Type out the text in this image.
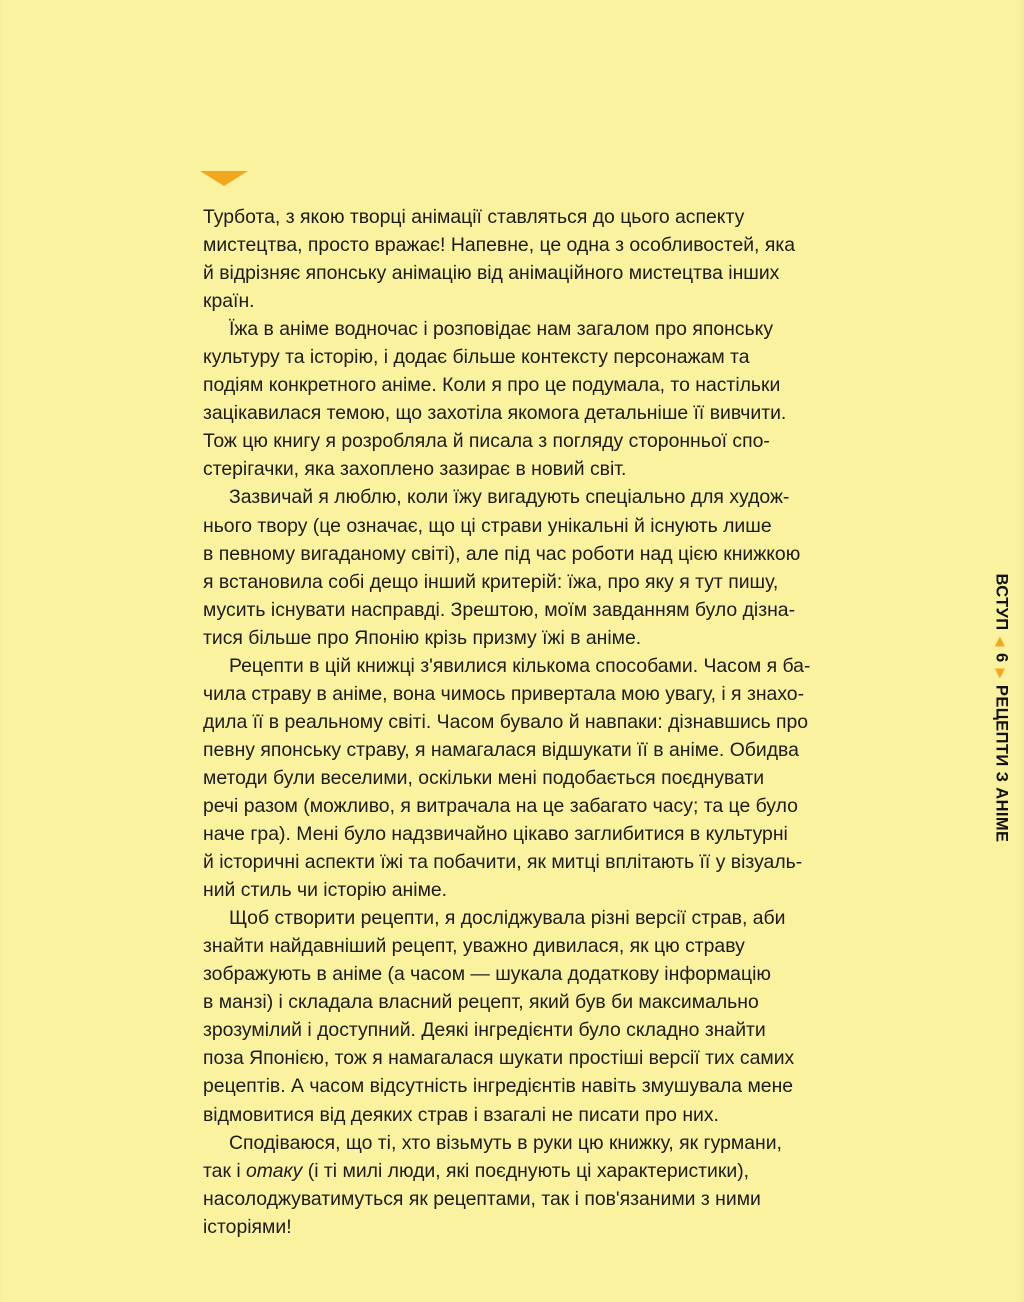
Турбота, з якою творці анімації ставляться до цього аспекту
мистецтва, просто вражає! Напевне, це одна з особливостей, яка
й відрізняє японську анімацію від анімаційного мистецтва інших
країн.
Їжа в аніме водночас і розповідає нам загалом про японську
культуру та історію, і додає більше контексту персонажам та
подіям конкретного аніме. Коли я про це подумала, то настільки
зацікавилася темою, що захотіла якомога детальніше її вивчити.
Тож цю книгу я розробляла й писала з погляду сторонньої спо-
стерігачки, яка захоплено зазирає в новий світ.
Зазвичай я люблю, коли їжу вигадують спеціально для худож-
нього твору (це означає, що ці страви унікальні й існують лише
в певному вигаданому світі), але під час роботи над цією книжкою
я встановила собі дещо інший критерій: їжа, про яку я тут пишу,
мусить існувати насправді. Зрештою, моїм завданням було дізна-
тися більше про Японію крізь призму їжі в аніме.
Рецепти в цій книжці з'явилися кількома способами. Часом я ба-
чила страву в аніме, вона чимось привертала мою увагу, і я знахо-
дила її в реальному світі. Часом бувало й навпаки: дізнавшись про
певну японську страву, я намагалася відшукати її в аніме. Обидва
методи були веселими, оскільки мені подобається поєднувати
речі разом (можливо, я витрачала на це забагато часу; та це було
наче гра). Мені було надзвичайно цікаво заглибитися в культурні
й історичні аспекти їжі та побачити, як митці вплітають її у візуаль-
ний стиль чи історію аніме.
Щоб створити рецепти, я досліджувала різні версії страв, аби
знайти найдавніший рецепт, уважно дивилася, як цю страву
зображують в аніме (а часом — шукала додаткову інформацію
в манзі) і складала власний рецепт, який був би максимально
зрозумілий і доступний. Деякі інгредієнти було складно знайти
поза Японією, тож я намагалася шукати простіші версії тих самих
рецептів. А часом відсутність інгредієнтів навіть змушувала мене
відмовитися від деяких страв і взагалі не писати про них.
Сподіваюся, що ті, хто візьмуть в руки цю книжку, як гурмани,
так і отаку (і ті милі люди, які поєднують ці характеристики),
насолоджуватимуться як рецептами, так і пов'язаними з ними
історіями!
ВСТУП
◀
6
▶
РЕЦЕПТИ З АНІМЕ
